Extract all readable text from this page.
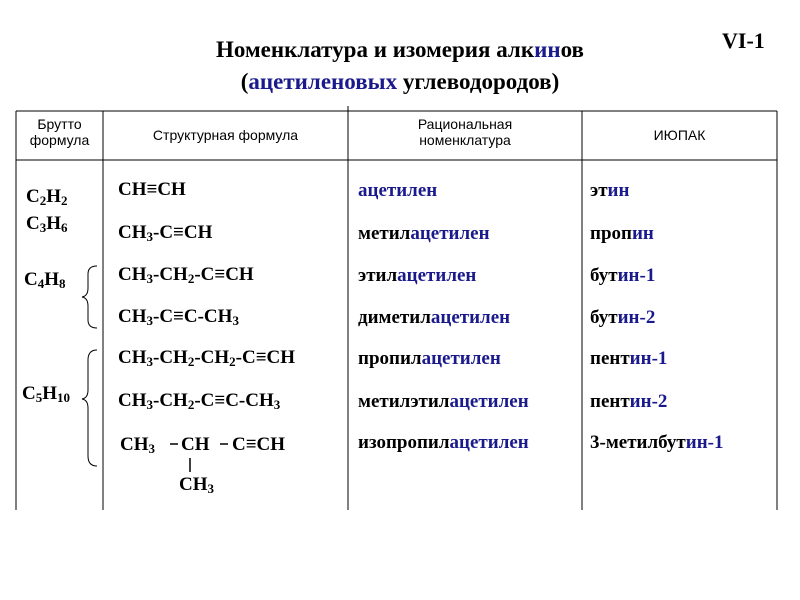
VI-1
Номенклатура и изомерия алкинов
(ацетиленовых углеводородов)
Брутто
формула	Структурная формула
Рациональная
номенклатура	ИЮПАК
$C_2H_2$
$C_3H_6$
$C_4H_8$
$C_5H_{10}$
CH≡CH
$CH_3-C\equiv CH$
$CH_3-CH_2-C\equiv CH$
$CH_3-C\equiv C-CH_3$
$CH_3-CH_2-CH_2-C\equiv CH$
$CH_3-CH_2-C\equiv C-CH_3$
$CH_3$ CH C≡CH
$CH_3$
ацетилен
метилацетилен
этилацетилен
диметилацетилен
пропилацетилен
метилэтилацетилен
изопропилацетилен
этин
пропин
бутин-1
бутин-2
пентин-1
пентин-2
3-метилбутин-1
